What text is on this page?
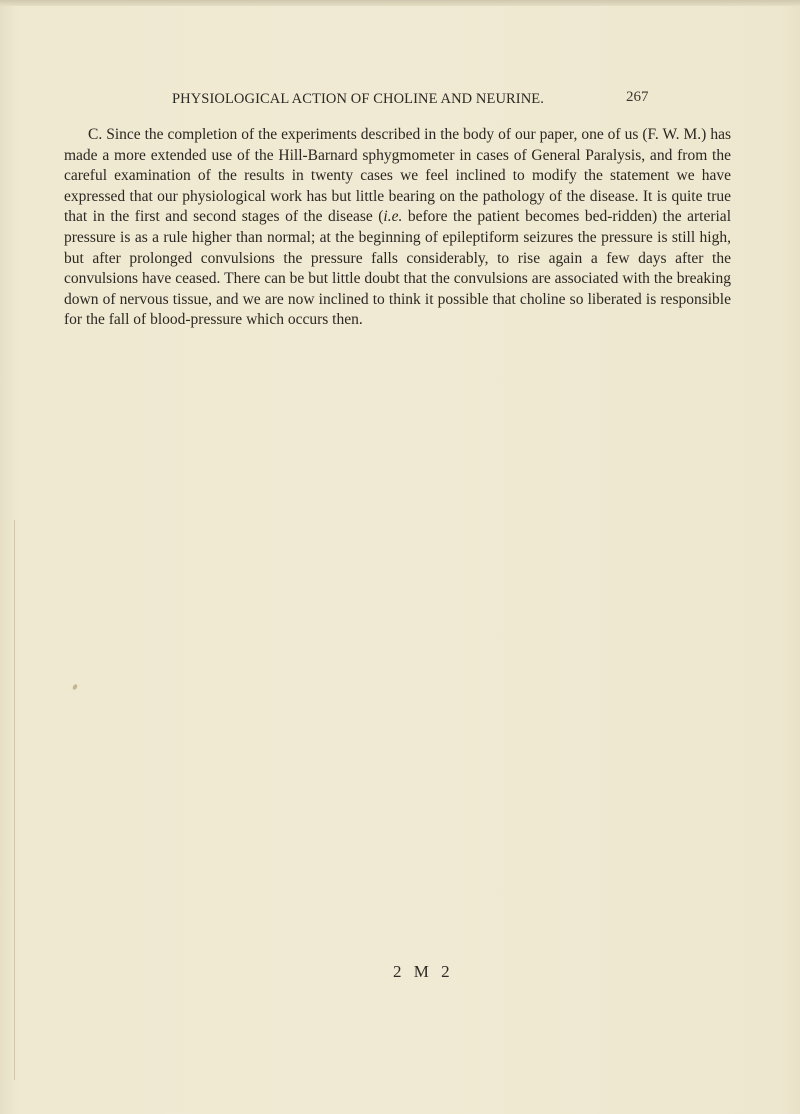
PHYSIOLOGICAL ACTION OF CHOLINE AND NEURINE.	267

C. Since the completion of the experiments described in the body of our paper, one of us (F. W. M.) has made a more extended use of the Hill-Barnard sphygmometer in cases of General Paralysis, and from the careful examination of the results in twenty cases we feel inclined to modify the statement we have expressed that our physiological work has but little bearing on the pathology of the disease. It is quite true that in the first and second stages of the disease (i.e. before the patient becomes bed-ridden) the arterial pressure is as a rule higher than normal; at the beginning of epileptiform seizures the pressure is still high, but after prolonged convulsions the pressure falls considerably, to rise again a few days after the convulsions have ceased. There can be but little doubt that the convulsions are associated with the breaking down of nervous tissue, and we are now inclined to think it possible that choline so liberated is responsible for the fall of blood-pressure which occurs then.

2 M 2
